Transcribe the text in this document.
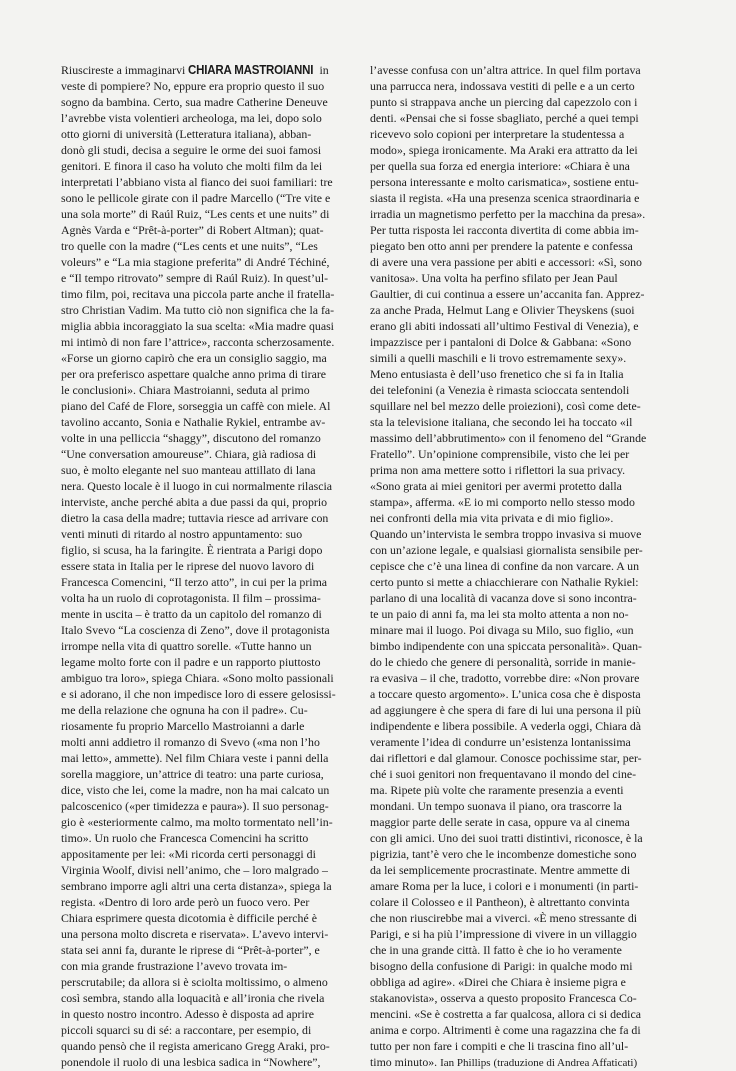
Riuscireste a immaginarvi CHIARA MASTROIANNI in
veste di pompiere? No, eppure era proprio questo il suo
sogno da bambina. Certo, sua madre Catherine Deneuve
l’avrebbe vista volentieri archeologa, ma lei, dopo solo
otto giorni di università (Letteratura italiana), abban-
donò gli studi, decisa a seguire le orme dei suoi famosi
genitori. E finora il caso ha voluto che molti film da lei
interpretati l’abbiano vista al fianco dei suoi familiari: tre
sono le pellicole girate con il padre Marcello (“Tre vite e
una sola morte” di Raúl Ruiz, “Les cents et une nuits” di
Agnès Varda e “Prêt-à-porter” di Robert Altman); quat-
tro quelle con la madre (“Les cents et une nuits”, “Les
voleurs” e “La mia stagione preferita” di André Téchiné,
e “Il tempo ritrovato” sempre di Raúl Ruiz). In quest’ul-
timo film, poi, recitava una piccola parte anche il fratella-
stro Christian Vadim. Ma tutto ciò non significa che la fa-
miglia abbia incoraggiato la sua scelta: «Mia madre quasi
mi intimò di non fare l’attrice», racconta scherzosamente.
«Forse un giorno capirò che era un consiglio saggio, ma
per ora preferisco aspettare qualche anno prima di tirare
le conclusioni». Chiara Mastroianni, seduta al primo
piano del Café de Flore, sorseggia un caffè con miele. Al
tavolino accanto, Sonia e Nathalie Rykiel, entrambe av-
volte in una pelliccia “shaggy”, discutono del romanzo
“Une conversation amoureuse”. Chiara, già radiosa di
suo, è molto elegante nel suo manteau attillato di lana
nera. Questo locale è il luogo in cui normalmente rilascia
interviste, anche perché abita a due passi da qui, proprio
dietro la casa della madre; tuttavia riesce ad arrivare con
venti minuti di ritardo al nostro appuntamento: suo
figlio, si scusa, ha la faringite. È rientrata a Parigi dopo
essere stata in Italia per le riprese del nuovo lavoro di
Francesca Comencini, “Il terzo atto”, in cui per la prima
volta ha un ruolo di coprotagonista. Il film – prossima-
mente in uscita – è tratto da un capitolo del romanzo di
Italo Svevo “La coscienza di Zeno”, dove il protagonista
irrompe nella vita di quattro sorelle. «Tutte hanno un
legame molto forte con il padre e un rapporto piuttosto
ambiguo tra loro», spiega Chiara. «Sono molto passionali
e si adorano, il che non impedisce loro di essere gelosissi-
me della relazione che ognuna ha con il padre». Cu-
riosamente fu proprio Marcello Mastroianni a darle
molti anni addietro il romanzo di Svevo («ma non l’ho
mai letto», ammette). Nel film Chiara veste i panni della
sorella maggiore, un’attrice di teatro: una parte curiosa,
dice, visto che lei, come la madre, non ha mai calcato un
palcoscenico («per timidezza e paura»). Il suo personag-
gio è «esteriormente calmo, ma molto tormentato nell’in-
timo». Un ruolo che Francesca Comencini ha scritto
appositamente per lei: «Mi ricorda certi personaggi di
Virginia Woolf, divisi nell’animo, che – loro malgrado –
sembrano imporre agli altri una certa distanza», spiega la
regista. «Dentro di loro arde però un fuoco vero. Per
Chiara esprimere questa dicotomia è difficile perché è
una persona molto discreta e riservata». L’avevo intervi-
stata sei anni fa, durante le riprese di “Prêt-à-porter”, e
con mia grande frustrazione l’avevo trovata im-
perscrutabile; da allora si è sciolta moltissimo, o almeno
così sembra, stando alla loquacità e all’ironia che rivela
in questo nostro incontro. Adesso è disposta ad aprire
piccoli squarci su di sé: a raccontare, per esempio, di
quando pensò che il regista americano Gregg Araki, pro-
ponendole il ruolo di una lesbica sadica in “Nowhere”,
l’avesse confusa con un’altra attrice. In quel film portava
una parrucca nera, indossava vestiti di pelle e a un certo
punto si strappava anche un piercing dal capezzolo con i
denti. «Pensai che si fosse sbagliato, perché a quei tempi
ricevevo solo copioni per interpretare la studentessa a
modo», spiega ironicamente. Ma Araki era attratto da lei
per quella sua forza ed energia interiore: «Chiara è una
persona interessante e molto carismatica», sostiene entu-
siasta il regista. «Ha una presenza scenica straordinaria e
irradia un magnetismo perfetto per la macchina da presa».
Per tutta risposta lei racconta divertita di come abbia im-
piegato ben otto anni per prendere la patente e confessa
di avere una vera passione per abiti e accessori: «Sì, sono
vanitosa». Una volta ha perfino sfilato per Jean Paul
Gaultier, di cui continua a essere un’accanita fan. Apprez-
za anche Prada, Helmut Lang e Olivier Theyskens (suoi
erano gli abiti indossati all’ultimo Festival di Venezia), e
impazzisce per i pantaloni di Dolce & Gabbana: «Sono
simili a quelli maschili e li trovo estremamente sexy».
Meno entusiasta è dell’uso frenetico che si fa in Italia
dei telefonini (a Venezia è rimasta scioccata sentendoli
squillare nel bel mezzo delle proiezioni), così come dete-
sta la televisione italiana, che secondo lei ha toccato «il
massimo dell’abbrutimento» con il fenomeno del “Grande
Fratello”. Un’opinione comprensibile, visto che lei per
prima non ama mettere sotto i riflettori la sua privacy.
«Sono grata ai miei genitori per avermi protetto dalla
stampa», afferma. «E io mi comporto nello stesso modo
nei confronti della mia vita privata e di mio figlio».
Quando un’intervista le sembra troppo invasiva si muove
con un’azione legale, e qualsiasi giornalista sensibile per-
cepisce che c’è una linea di confine da non varcare. A un
certo punto si mette a chiacchierare con Nathalie Rykiel:
parlano di una località di vacanza dove si sono incontra-
te un paio di anni fa, ma lei sta molto attenta a non no-
minare mai il luogo. Poi divaga su Milo, suo figlio, «un
bimbo indipendente con una spiccata personalità». Quan-
do le chiedo che genere di personalità, sorride in manie-
ra evasiva – il che, tradotto, vorrebbe dire: «Non provare
a toccare questo argomento». L’unica cosa che è disposta
ad aggiungere è che spera di fare di lui una persona il più
indipendente e libera possibile. A vederla oggi, Chiara dà
veramente l’idea di condurre un’esistenza lontanissima
dai riflettori e dal glamour. Conosce pochissime star, per-
ché i suoi genitori non frequentavano il mondo del cine-
ma. Ripete più volte che raramente presenzia a eventi
mondani. Un tempo suonava il piano, ora trascorre la
maggior parte delle serate in casa, oppure va al cinema
con gli amici. Uno dei suoi tratti distintivi, riconosce, è la
pigrizia, tant’è vero che le incombenze domestiche sono
da lei semplicemente procrastinate. Mentre ammette di
amare Roma per la luce, i colori e i monumenti (in parti-
colare il Colosseo e il Pantheon), è altrettanto convinta
che non riuscirebbe mai a viverci. «È meno stressante di
Parigi, e si ha più l’impressione di vivere in un villaggio
che in una grande città. Il fatto è che io ho veramente
bisogno della confusione di Parigi: in qualche modo mi
obbliga ad agire». «Direi che Chiara è insieme pigra e
stakanovista», osserva a questo proposito Francesca Co-
mencini. «Se è costretta a far qualcosa, allora ci si dedica
anima e corpo. Altrimenti è come una ragazzina che fa di
tutto per non fare i compiti e che li trascina fino all’ul-
timo minuto». Ian Phillips (traduzione di Andrea Affaticati)
